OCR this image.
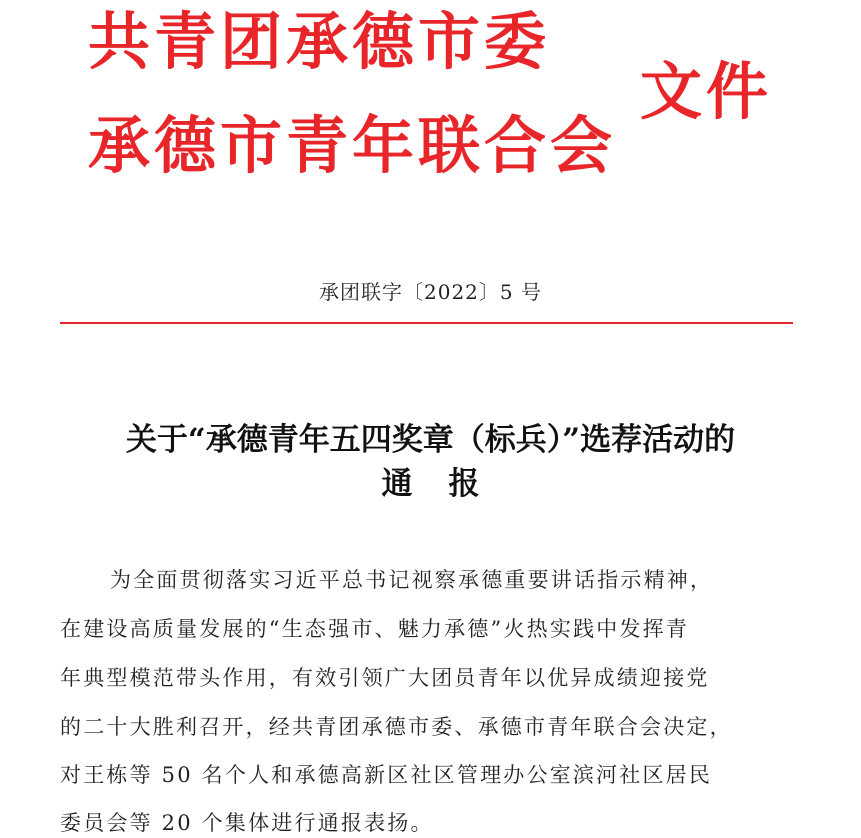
共青团承德市委
承德市青年联合会
文件
承团联字〔2022〕5 号
关于“承德青年五四奖章（标兵）”选荐活动的
通报
为全面贯彻落实习近平总书记视察承德重要讲话指示精神，
在建设高质量发展的“生态强市、魅力承德”火热实践中发挥青
年典型模范带头作用，有效引领广大团员青年以优异成绩迎接党
的二十大胜利召开，经共青团承德市委、承德市青年联合会决定，
对王栋等 50 名个人和承德高新区社区管理办公室滨河社区居民
委员会等 20 个集体进行通报表扬。
